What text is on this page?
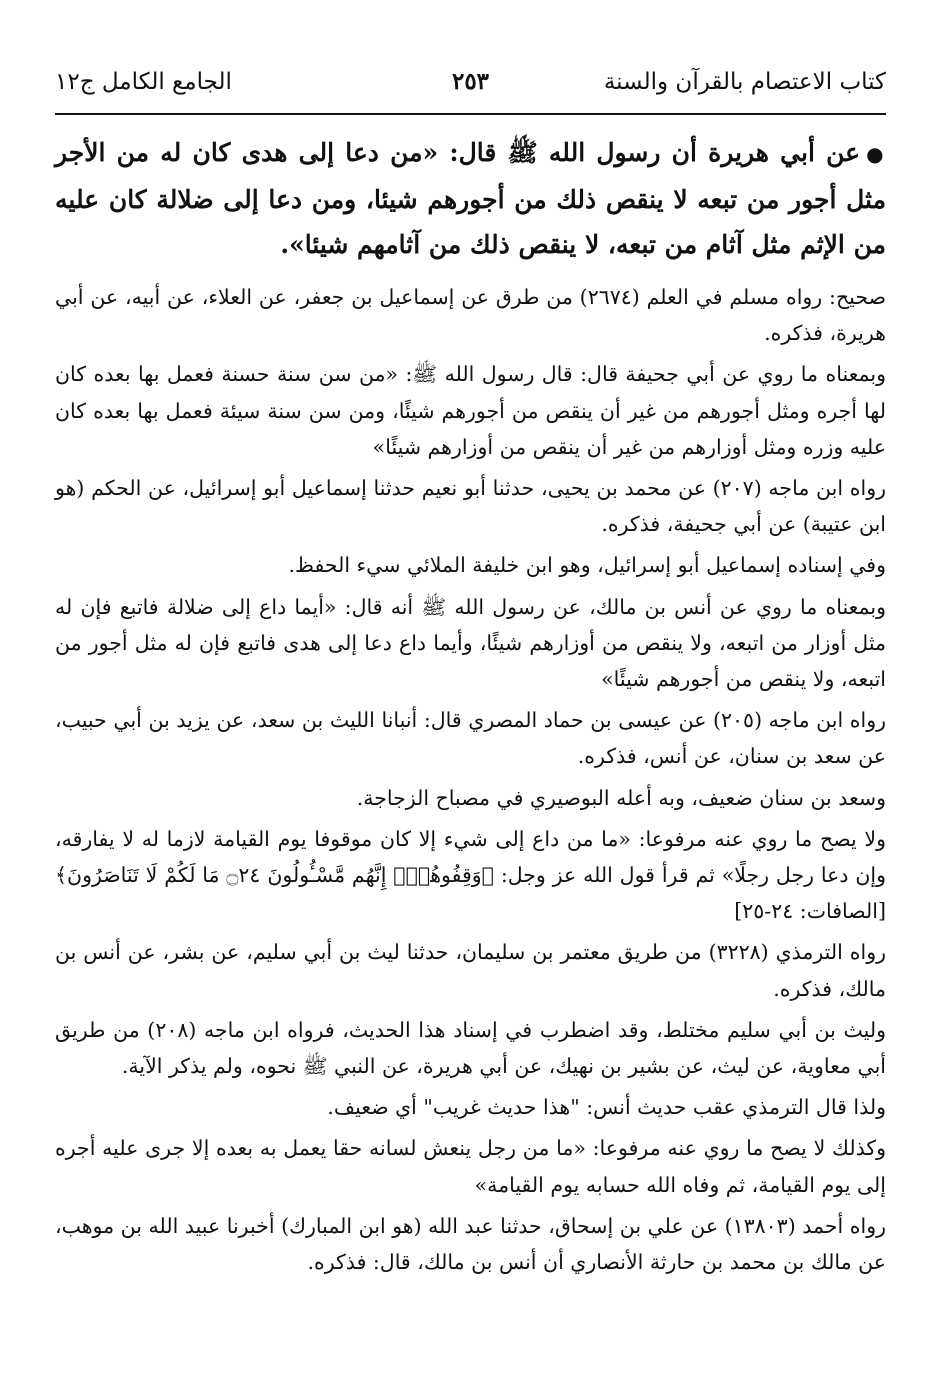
كتاب الاعتصام بالقرآن والسنة
٢٥٣
الجامع الكامل ج١٢

●عن أبي هريرة أن رسول الله ﷺ قال: «من دعا إلى هدى كان له من الأجر مثل أجور من تبعه لا ينقص ذلك من أجورهم شيئا، ومن دعا إلى ضلالة كان عليه من الإثم مثل آثام من تبعه، لا ينقص ذلك من آثامهم شيئا».

صحيح: رواه مسلم في العلم (٢٦٧٤) من طرق عن إسماعيل بن جعفر، عن العلاء، عن أبيه، عن أبي هريرة، فذكره.

وبمعناه ما روي عن أبي جحيفة قال: قال رسول الله ﷺ: «من سن سنة حسنة فعمل بها بعده كان لها أجره ومثل أجورهم من غير أن ينقص من أجورهم شيئًا، ومن سن سنة سيئة فعمل بها بعده كان عليه وزره ومثل أوزارهم من غير أن ينقص من أوزارهم شيئًا»

رواه ابن ماجه (٢٠٧) عن محمد بن يحيى، حدثنا أبو نعيم حدثنا إسماعيل أبو إسرائيل، عن الحكم (هو ابن عتيبة) عن أبي جحيفة، فذكره.

وفي إسناده إسماعيل أبو إسرائيل، وهو ابن خليفة الملائي سيء الحفظ.

وبمعناه ما روي عن أنس بن مالك، عن رسول الله ﷺ أنه قال: «أيما داع إلى ضلالة فاتبع فإن له مثل أوزار من اتبعه، ولا ينقص من أوزارهم شيئًا، وأيما داع دعا إلى هدى فاتبع فإن له مثل أجور من اتبعه، ولا ينقص من أجورهم شيئًا»

رواه ابن ماجه (٢٠٥) عن عيسى بن حماد المصري قال: أنبانا الليث بن سعد، عن يزيد بن أبي حبيب، عن سعد بن سنان، عن أنس، فذكره.

وسعد بن سنان ضعيف، وبه أعله البوصيري في مصباح الزجاجة.

ولا يصح ما روي عنه مرفوعا: «ما من داع إلى شيء إلا كان موقوفا يوم القيامة لازما له لا يفارقه، وإن دعا رجل رجلًا» ثم قرأ قول الله عز وجل: ﴿وَقِفُوهُمْۖ إِنَّهُم مَّسْـُٔولُونَ ۝٢٤ مَا لَكُمْ لَا تَنَاصَرُونَ﴾ [الصافات: ٢٤-٢٥]

رواه الترمذي (٣٢٢٨) من طريق معتمر بن سليمان، حدثنا ليث بن أبي سليم، عن بشر، عن أنس بن مالك، فذكره.

وليث بن أبي سليم مختلط، وقد اضطرب في إسناد هذا الحديث، فرواه ابن ماجه (٢٠٨) من طريق أبي معاوية، عن ليث، عن بشير بن نهيك، عن أبي هريرة، عن النبي ﷺ نحوه، ولم يذكر الآية.

ولذا قال الترمذي عقب حديث أنس: "هذا حديث غريب" أي ضعيف.

وكذلك لا يصح ما روي عنه مرفوعا: «ما من رجل ينعش لسانه حقا يعمل به بعده إلا جرى عليه أجره إلى يوم القيامة، ثم وفاه الله حسابه يوم القيامة»

رواه أحمد (١٣٨٠٣) عن علي بن إسحاق، حدثنا عبد الله (هو ابن المبارك) أخبرنا عبيد الله بن موهب، عن مالك بن محمد بن حارثة الأنصاري أن أنس بن مالك، قال: فذكره.
